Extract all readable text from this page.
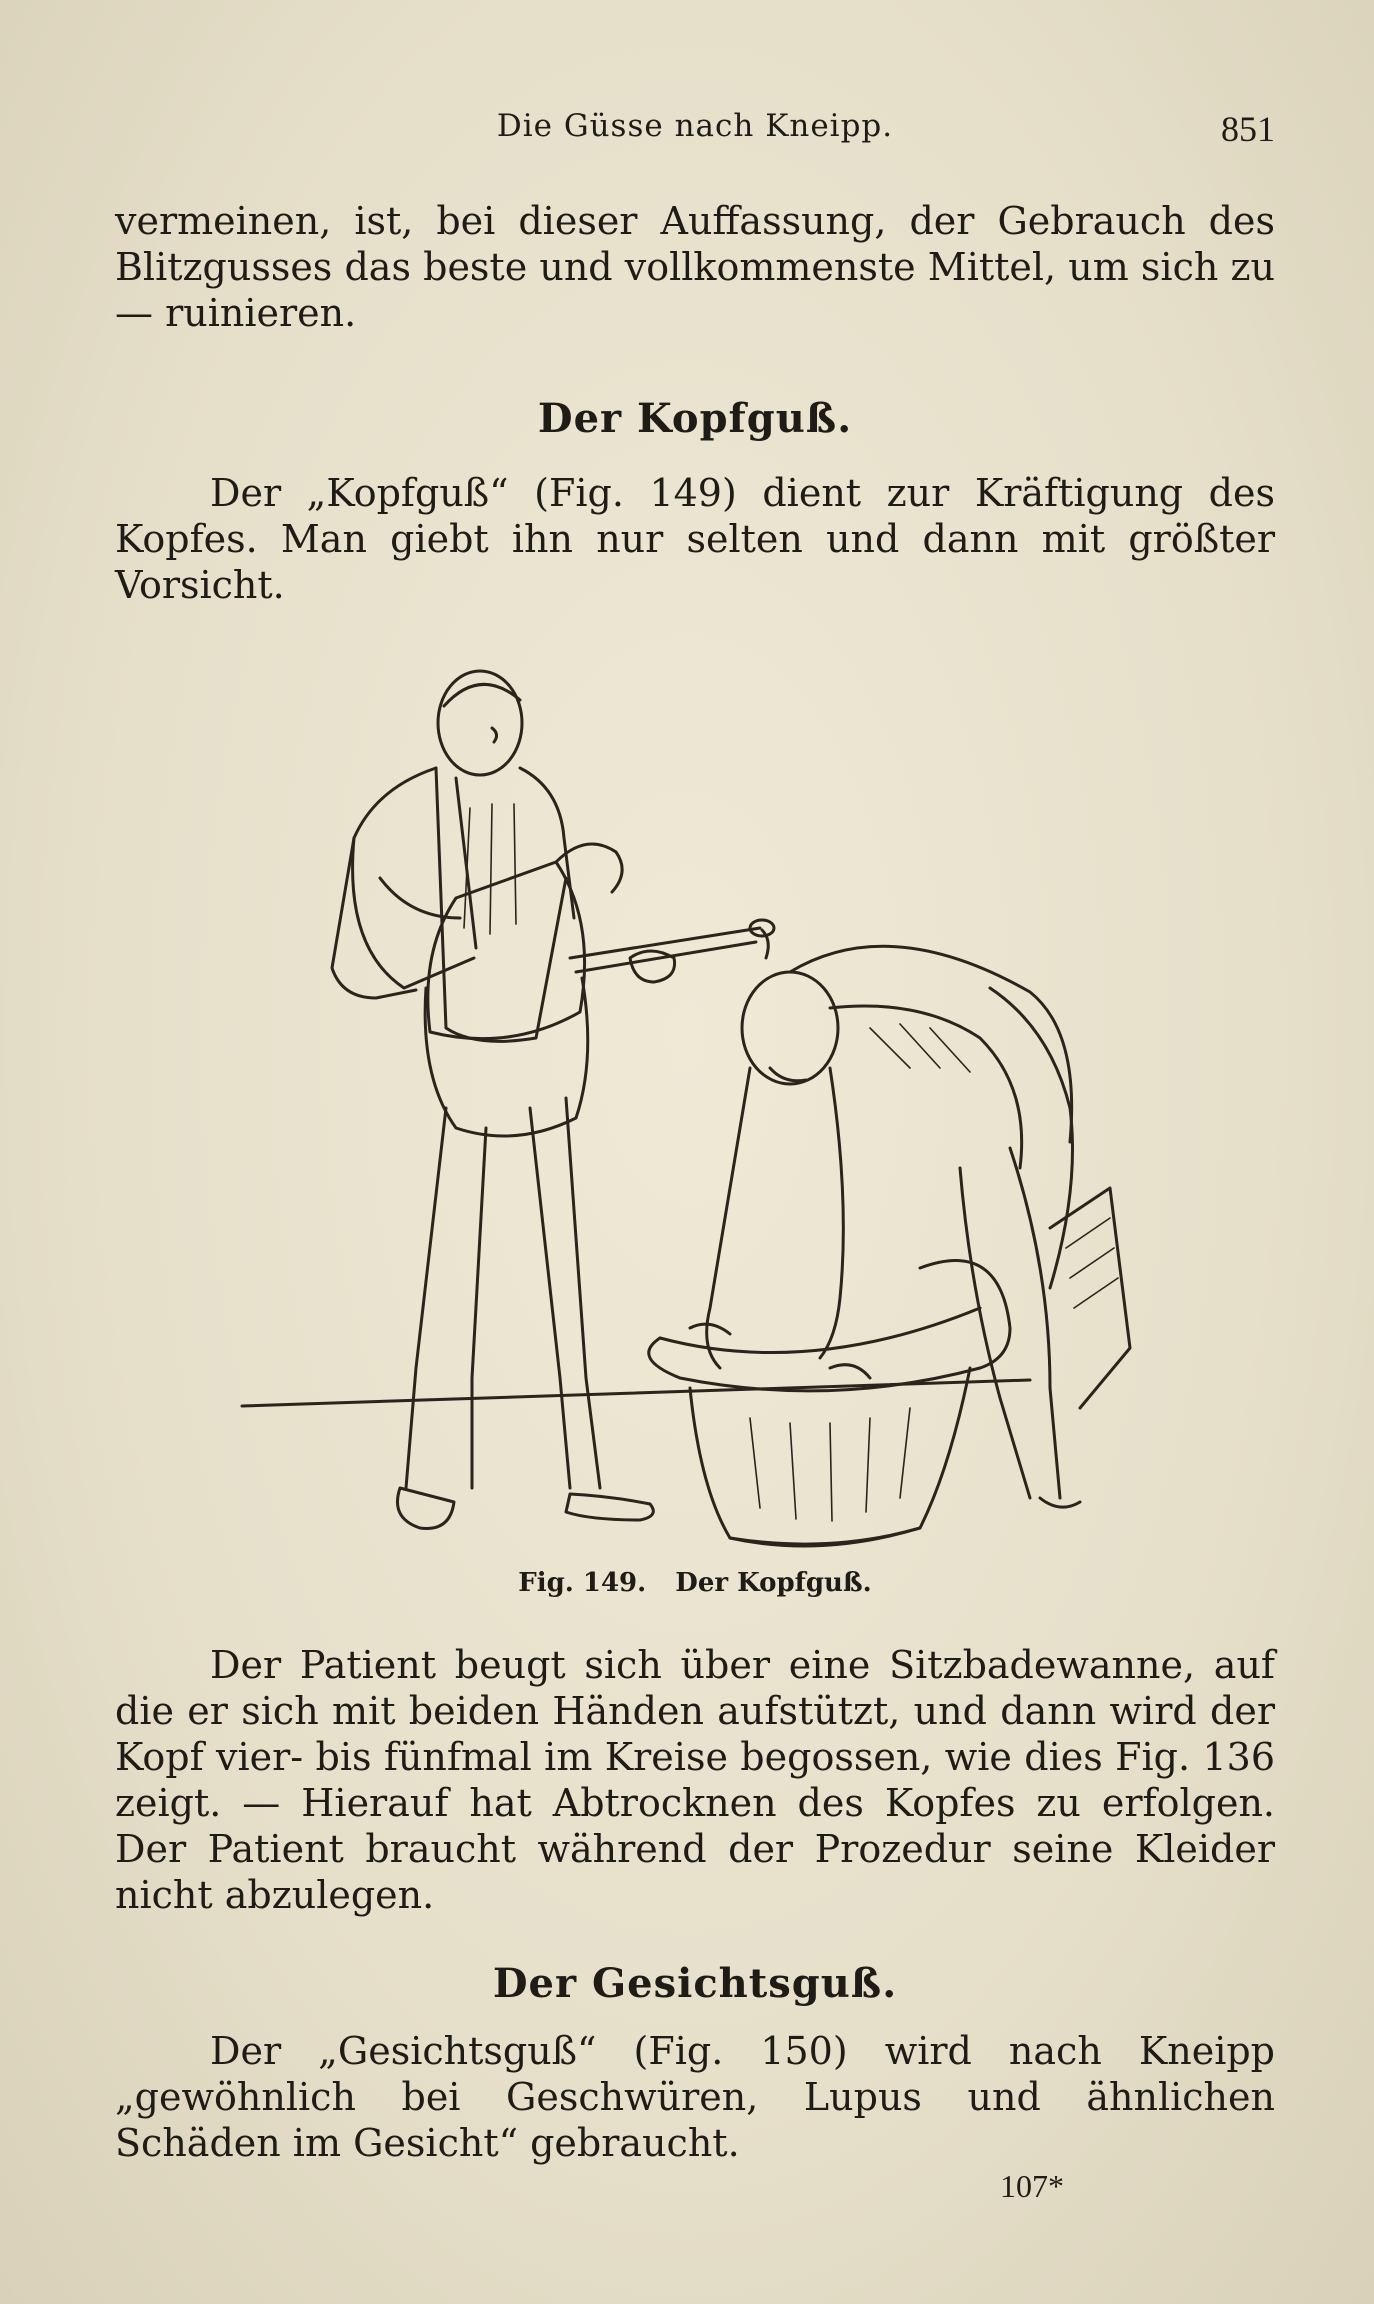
Die Güsse nach Kneipp.	851

vermeinen, ist, bei dieser Auffassung, der Gebrauch des Blitzgusses das beste und vollkommenste Mittel, um sich zu — ruinieren.

Der Kopfguß.

Der „Kopfguß“ (Fig. 149) dient zur Kräftigung des Kopfes. Man giebt ihn nur selten und dann mit größter Vorsicht.

Fig. 149. Der Kopfguß.

Der Patient beugt sich über eine Sitzbadewanne, auf die er sich mit beiden Händen aufstützt, und dann wird der Kopf vier- bis fünfmal im Kreise begossen, wie dies Fig. 136 zeigt. — Hierauf hat Abtrocknen des Kopfes zu erfolgen. Der Patient braucht während der Prozedur seine Kleider nicht abzulegen.

Der Gesichtsguß.

Der „Gesichtsguß“ (Fig. 150) wird nach Kneipp „gewöhnlich bei Geschwüren, Lupus und ähnlichen Schäden im Gesicht“ gebraucht.

107*
